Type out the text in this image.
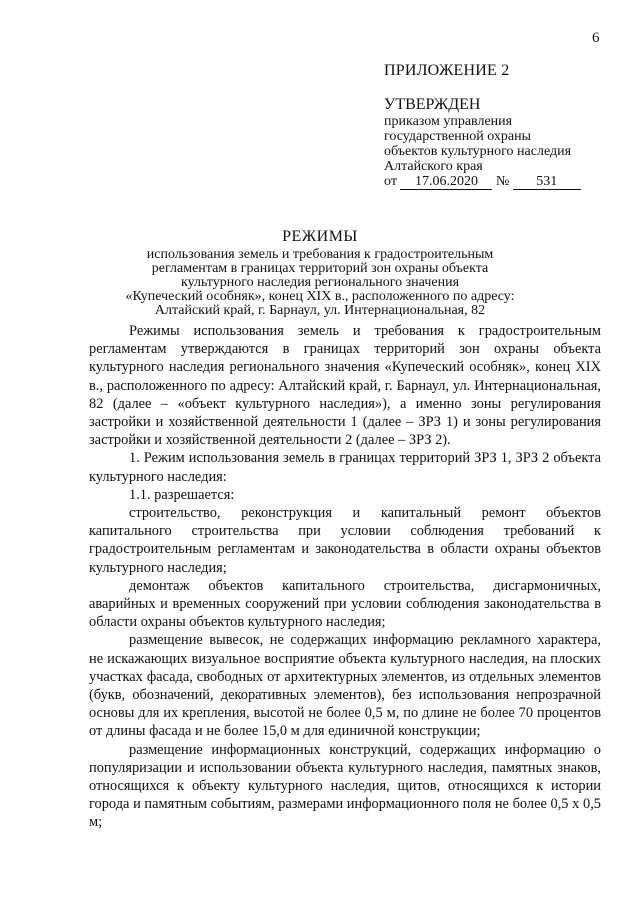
6
ПРИЛОЖЕНИЕ 2
УТВЕРЖДЕН
приказом управления
государственной охраны
объектов культурного наследия
Алтайского края
от 17.06.2020 № 531
РЕЖИМЫ
использования земель и требования к градостроительным
регламентам в границах территорий зон охраны объекта
культурного наследия регионального значения
«Купеческий особняк», конец XIX в., расположенного по адресу:
Алтайский край, г. Барнаул, ул. Интернациональная, 82

Режимы использования земель и требования к градостроительным регламентам утверждаются в границах территорий зон охраны объекта культурного наследия регионального значения «Купеческий особняк», конец XIX в., расположенного по адресу: Алтайский край, г. Барнаул, ул. Интернациональная, 82 (далее – «объект культурного наследия»), а именно зоны регулирования застройки и хозяйственной деятельности 1 (далее – ЗРЗ 1) и зоны регулирования застройки и хозяйственной деятельности 2 (далее – ЗРЗ 2).

1. Режим использования земель в границах территорий ЗРЗ 1, ЗРЗ 2 объекта культурного наследия:

1.1. разрешается:

строительство, реконструкция и капитальный ремонт объектов капитального строительства при условии соблюдения требований к градостроительным регламентам и законодательства в области охраны объектов культурного наследия;

демонтаж объектов капитального строительства, дисгармоничных, аварийных и временных сооружений при условии соблюдения законодательства в области охраны объектов культурного наследия;

размещение вывесок, не содержащих информацию рекламного характера, не искажающих визуальное восприятие объекта культурного наследия, на плоских участках фасада, свободных от архитектурных элементов, из отдельных элементов (букв, обозначений, декоративных элементов), без использования непрозрачной основы для их крепления, высотой не более 0,5 м, по длине не более 70 процентов от длины фасада и не более 15,0 м для единичной конструкции;

размещение информационных конструкций, содержащих информацию о популяризации и использовании объекта культурного наследия, памятных знаков, относящихся к объекту культурного наследия, щитов, относящихся к истории города и памятным событиям, размерами информационного поля не более 0,5 х 0,5 м;
